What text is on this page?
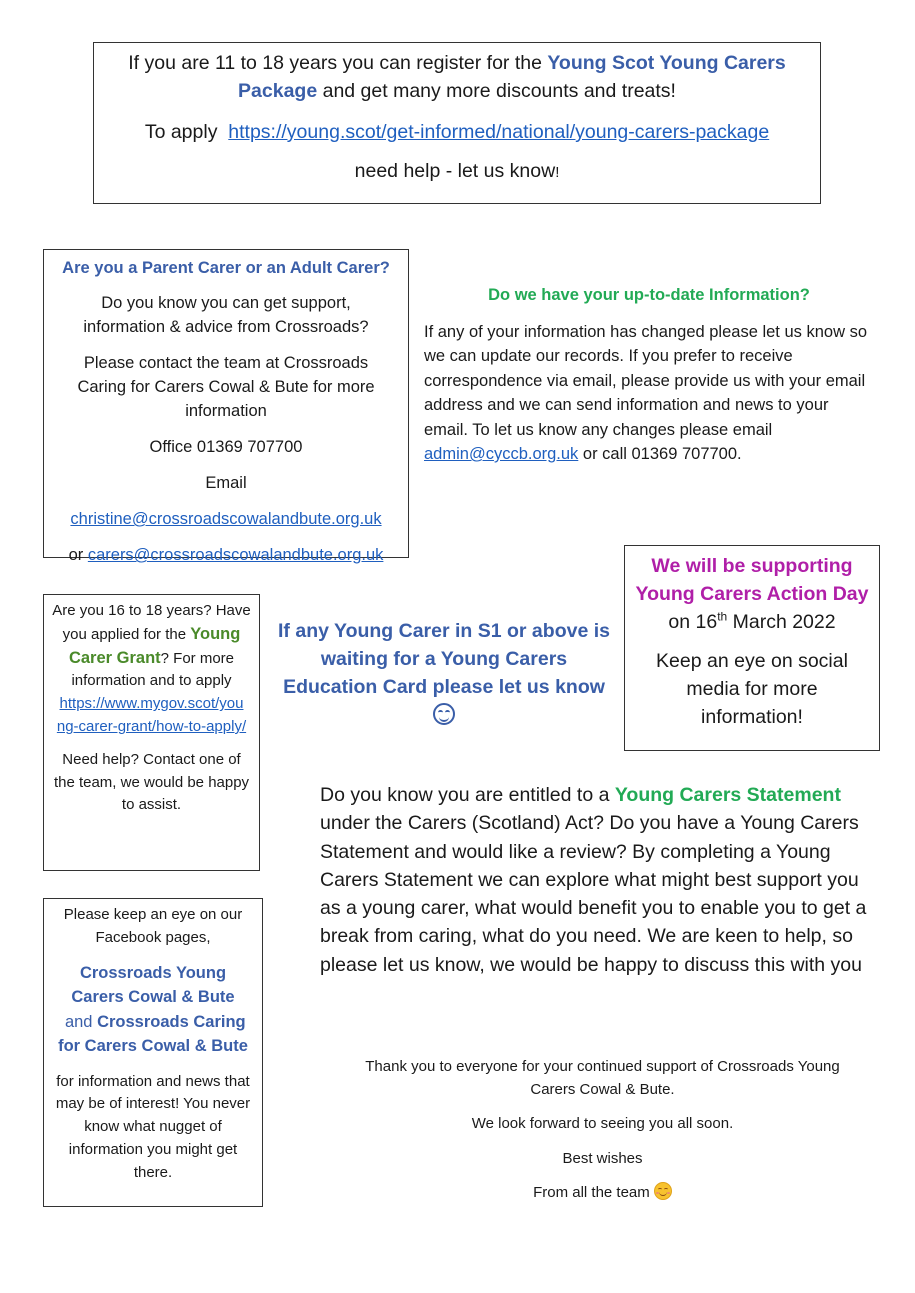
If you are 11 to 18 years you can register for the Young Scot Young Carers Package and get many more discounts and treats!

To apply  https://young.scot/get-informed/national/young-carers-package

need help - let us know!

Are you a Parent Carer or an Adult Carer?

Do you know you can get support, information & advice from Crossroads?

Please contact the team at Crossroads Caring for Carers Cowal & Bute for more information

Office 01369 707700

Email

christine@crossroadscowalandbute.org.uk

or carers@crossroadscowalandbute.org.uk

Do we have your up-to-date Information?

If any of your information has changed please let us know so we can update our records. If you prefer to receive correspondence via email, please provide us with your email address and we can send information and news to your email. To let us know any changes please email admin@cyccb.org.uk or call 01369 707700.

Are you 16 to 18 years? Have you applied for the Young Carer Grant? For more information and to apply

https://www.mygov.scot/young-carer-grant/how-to-apply/

Need help? Contact one of the team, we would be happy to assist.

If any Young Carer in S1 or above is waiting for a Young Carers Education Card please let us know

We will be supporting Young Carers Action Day
on 16th March 2022

Keep an eye on social media for more information!

Do you know you are entitled to a Young Carers Statement under the Carers (Scotland) Act? Do you have a Young Carers Statement and would like a review? By completing a Young Carers Statement we can explore what might best support you as a young carer, what would benefit you to enable you to get a break from caring, what do you need. We are keen to help, so please let us know, we would be happy to discuss this with you

Please keep an eye on our Facebook pages,

Crossroads Young Carers Cowal & Bute and Crossroads Caring for Carers Cowal & Bute

for information and news that may be of interest! You never know what nugget of information you might get there.

Thank you to everyone for your continued support of Crossroads Young Carers Cowal & Bute.

We look forward to seeing you all soon.

Best wishes

From all the team
